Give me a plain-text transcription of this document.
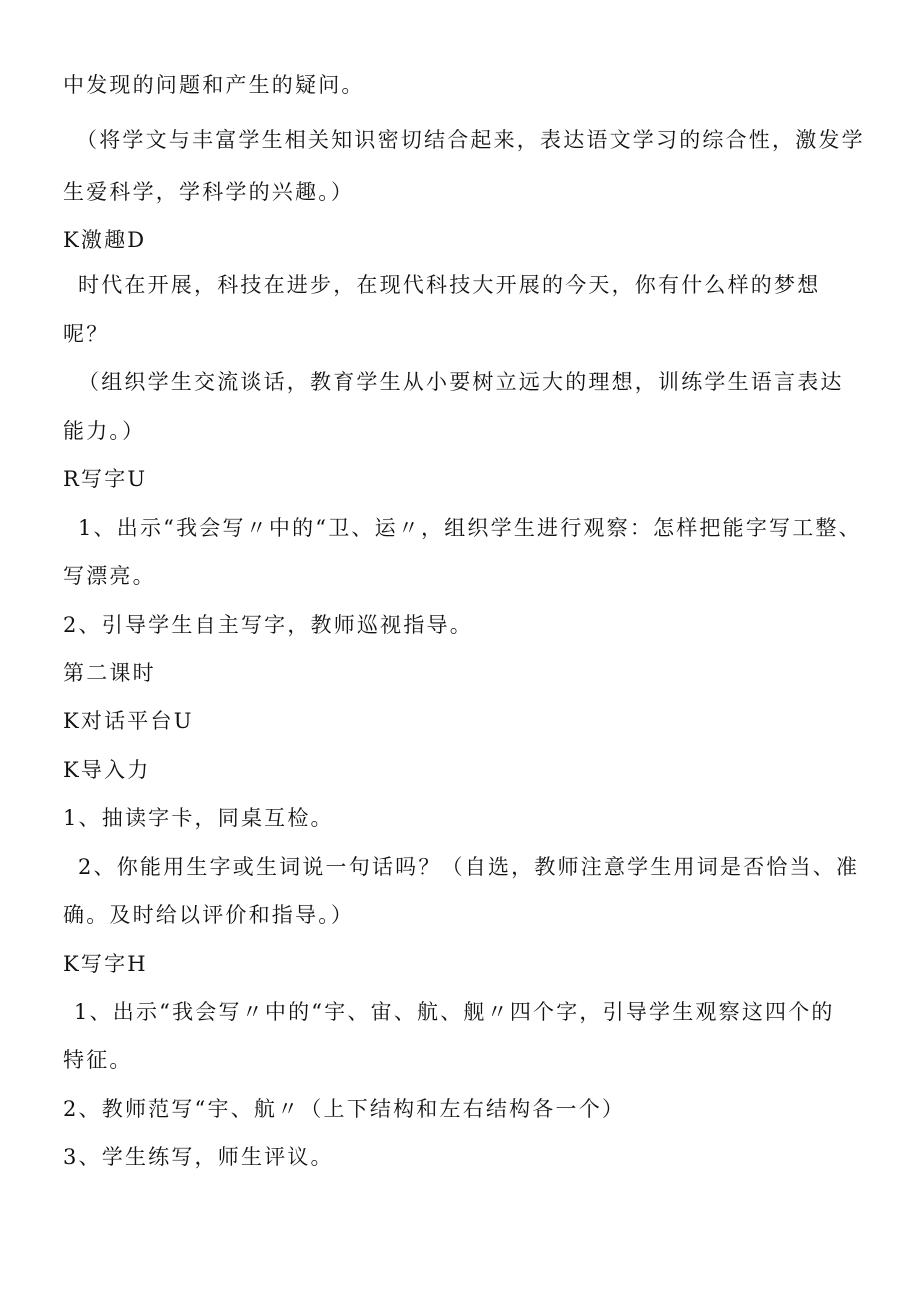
中发现的问题和产生的疑问。
（将学文与丰富学生相关知识密切结合起来，表达语文学习的综合性，激发学
生爱科学，学科学的兴趣。）
K激趣D
时代在开展，科技在进步，在现代科技大开展的今天，你有什么样的梦想
呢？
（组织学生交流谈话，教育学生从小要树立远大的理想，训练学生语言表达
能力。）
R写字U
1、出示“我会写〃中的“卫、运〃，组织学生进行观察：怎样把能字写工整、
写漂亮。
2、引导学生自主写字，教师巡视指导。
第二课时
K对话平台U
K导入力
1、抽读字卡，同桌互检。
2、你能用生字或生词说一句话吗？（自选，教师注意学生用词是否恰当、准
确。及时给以评价和指导。）
K写字H
1、出示“我会写〃中的“宇、宙、航、舰〃四个字，引导学生观察这四个的
特征。
2、教师范写“宇、航〃（上下结构和左右结构各一个）
3、学生练写，师生评议。
